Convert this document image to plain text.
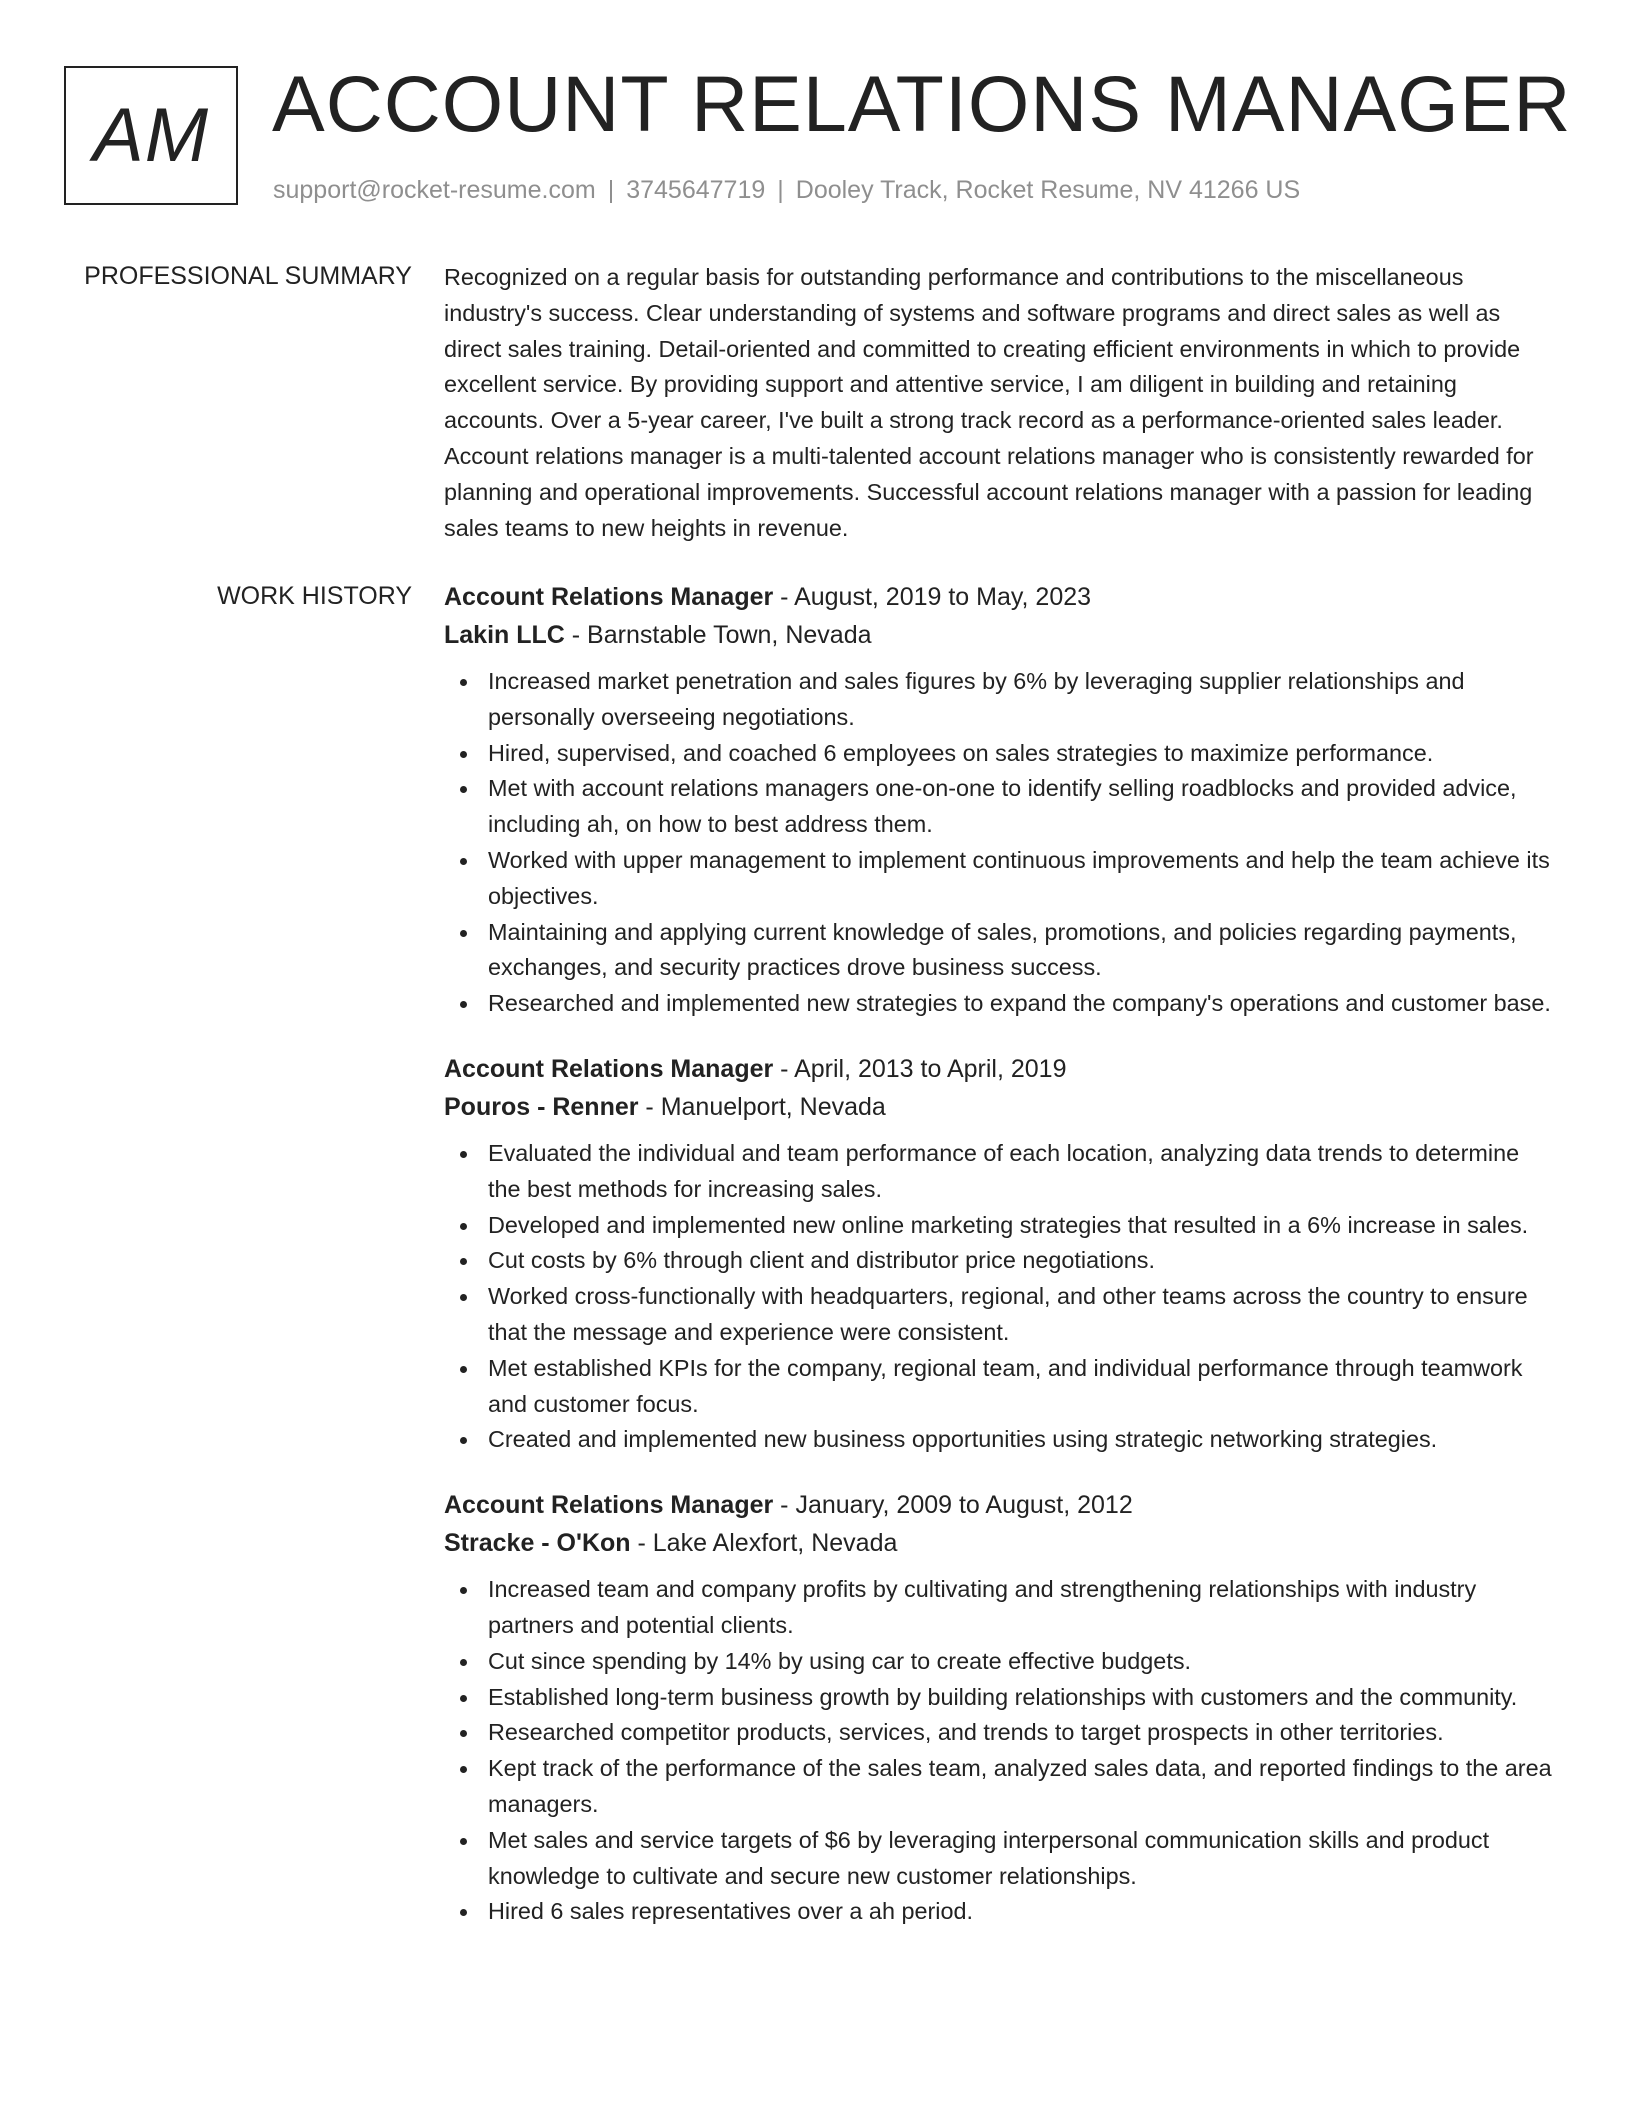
AM ACCOUNT RELATIONS MANAGER
support@rocket-resume.com | 3745647719 | Dooley Track, Rocket Resume, NV 41266 US
PROFESSIONAL SUMMARY Recognized on a regular basis for outstanding performance and contributions to the miscellaneous industry's success. Clear understanding of systems and software programs and direct sales as well as direct sales training. Detail-oriented and committed to creating efficient environments in which to provide excellent service. By providing support and attentive service, I am diligent in building and retaining accounts. Over a 5-year career, I've built a strong track record as a performance-oriented sales leader. Account relations manager is a multi-talented account relations manager who is consistently rewarded for planning and operational improvements. Successful account relations manager with a passion for leading sales teams to new heights in revenue.

WORK HISTORY Account Relations Manager - August, 2019 to May, 2023
Lakin LLC - Barnstable Town, Nevada
Increased market penetration and sales figures by 6% by leveraging supplier relationships and personally overseeing negotiations.
Hired, supervised, and coached 6 employees on sales strategies to maximize performance.
Met with account relations managers one-on-one to identify selling roadblocks and provided advice, including ah, on how to best address them.
Worked with upper management to implement continuous improvements and help the team achieve its objectives.
Maintaining and applying current knowledge of sales, promotions, and policies regarding payments, exchanges, and security practices drove business success.
Researched and implemented new strategies to expand the company's operations and customer base.
Account Relations Manager - April, 2013 to April, 2019
Pouros - Renner - Manuelport, Nevada
Evaluated the individual and team performance of each location, analyzing data trends to determine the best methods for increasing sales.
Developed and implemented new online marketing strategies that resulted in a 6% increase in sales.
Cut costs by 6% through client and distributor price negotiations.
Worked cross-functionally with headquarters, regional, and other teams across the country to ensure that the message and experience were consistent.
Met established KPIs for the company, regional team, and individual performance through teamwork and customer focus.
Created and implemented new business opportunities using strategic networking strategies.
Account Relations Manager - January, 2009 to August, 2012
Stracke - O'Kon - Lake Alexfort, Nevada
Increased team and company profits by cultivating and strengthening relationships with industry partners and potential clients.
Cut since spending by 14% by using car to create effective budgets.
Established long-term business growth by building relationships with customers and the community.
Researched competitor products, services, and trends to target prospects in other territories.
Kept track of the performance of the sales team, analyzed sales data, and reported findings to the area managers.
Met sales and service targets of $6 by leveraging interpersonal communication skills and product knowledge to cultivate and secure new customer relationships.
Hired 6 sales representatives over a ah period.
